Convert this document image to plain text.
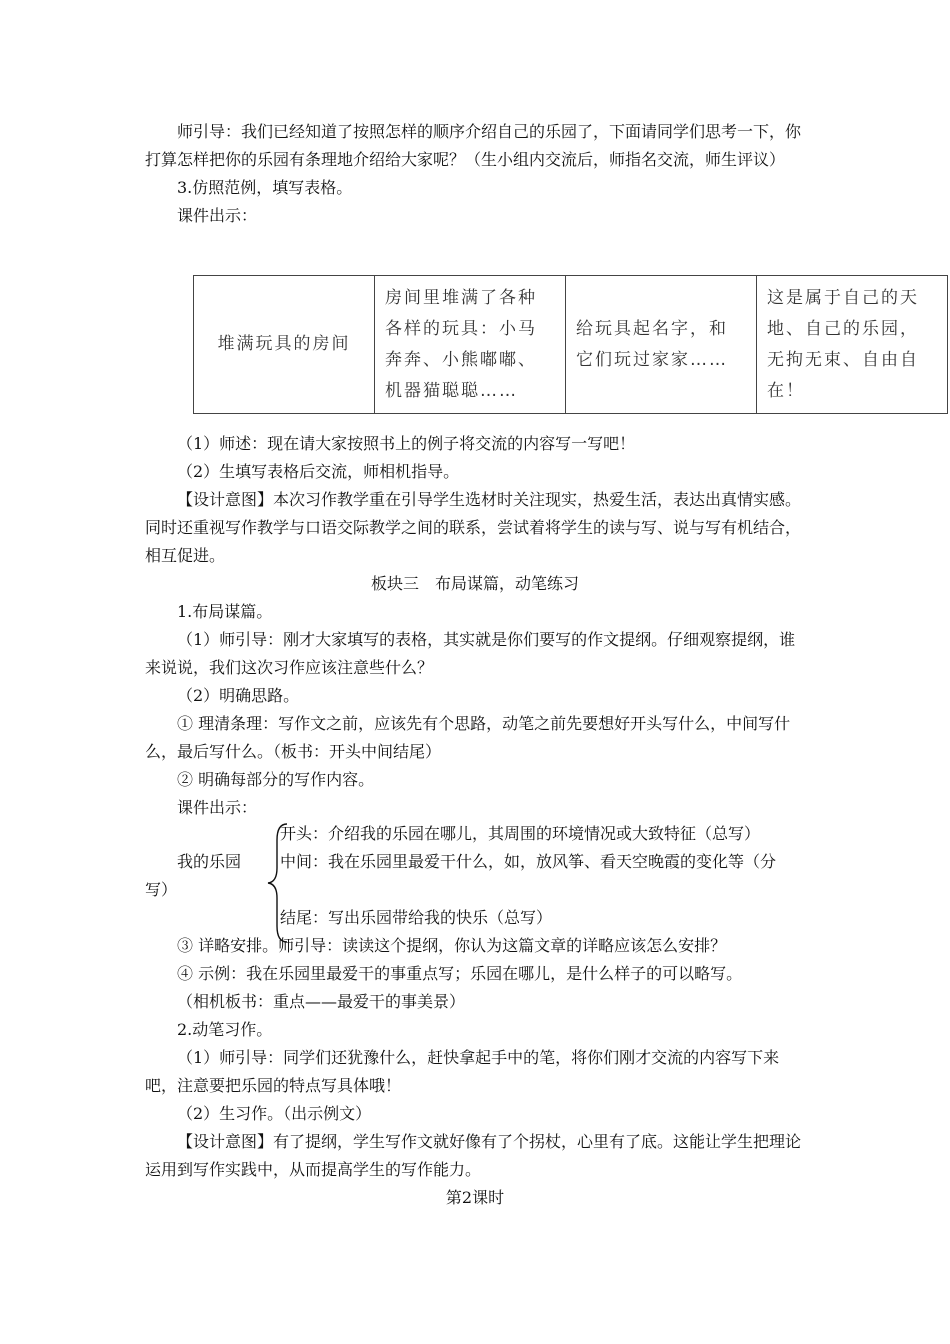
师引导：我们已经知道了按照怎样的顺序介绍自己的乐园了，下面请同学们思考一下，你打算怎样把你的乐园有条理地介绍给大家呢？（生小组内交流后，师指名交流，师生评议）

3.仿照范例，填写表格。

课件出示：

堆满玩具的房间	房间里堆满了各种各样的玩具：小马奔奔、小熊嘟嘟、机器猫聪聪……	给玩具起名字，和它们玩过家家……	这是属于自己的天地、自己的乐园，无拘无束、自由自在！

（1）师述：现在请大家按照书上的例子将交流的内容写一写吧！

（2）生填写表格后交流，师相机指导。

【设计意图】本次习作教学重在引导学生选材时关注现实，热爱生活，表达出真情实感。同时还重视写作教学与口语交际教学之间的联系，尝试着将学生的读与写、说与写有机结合，相互促进。

板块三　布局谋篇，动笔练习

1.布局谋篇。

（1）师引导：刚才大家填写的表格，其实就是你们要写的作文提纲。仔细观察提纲，谁来说说，我们这次习作应该注意些什么？

（2）明确思路。

① 理清条理：写作文之前，应该先有个思路，动笔之前先要想好开头写什么，中间写什么，最后写什么。（板书：开头中间结尾）

② 明确每部分的写作内容。

课件出示：

开头：介绍我的乐园在哪儿，其周围的环境情况或大致特征（总写）

我的乐园 中间：我在乐园里最爱干什么，如，放风筝、看天空晚霞的变化等（分

写）

结尾：写出乐园带给我的快乐（总写）

③ 详略安排。师引导：读读这个提纲，你认为这篇文章的详略应该怎么安排？

④ 示例：我在乐园里最爱干的事重点写；乐园在哪儿，是什么样子的可以略写。

（相机板书：重点——最爱干的事美景）

2.动笔习作。

（1）师引导：同学们还犹豫什么，赶快拿起手中的笔，将你们刚才交流的内容写下来吧，注意要把乐园的特点写具体哦！

（2）生习作。（出示例文）

【设计意图】有了提纲，学生写作文就好像有了个拐杖，心里有了底。这能让学生把理论运用到写作实践中，从而提高学生的写作能力。

第2课时
